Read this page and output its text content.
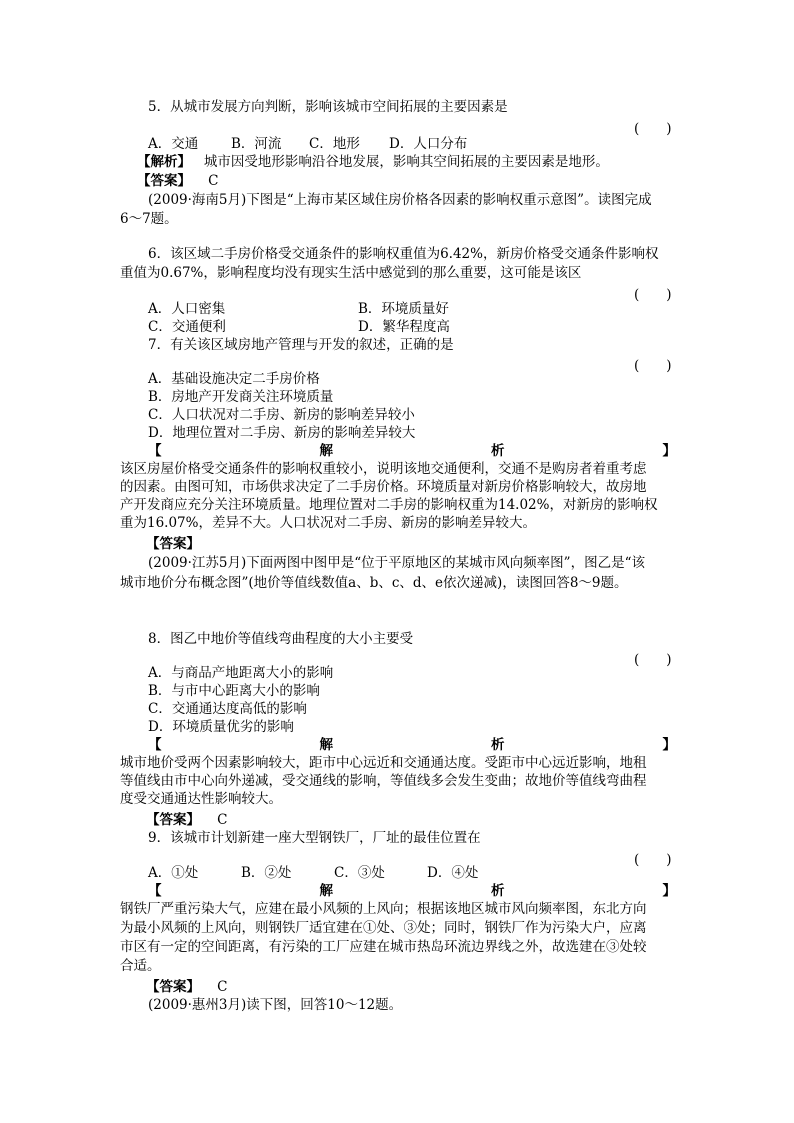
5．从城市发展方向判断，影响该城市空间拓展的主要因素是
(　　)
A．交通 B．河流 C．地形 D．人口分布
【解析】 城市因受地形影响沿谷地发展，影响其空间拓展的主要因素是地形。
【答案】 C
(2009·海南5月)下图是“上海市某区域住房价格各因素的影响权重示意图”。读图完成
6～7题。
6．该区域二手房价格受交通条件的影响权重值为6.42%，新房价格受交通条件影响权
重值为0.67%，影响程度均没有现实生活中感觉到的那么重要，这可能是该区
(　　)
A．人口密集	B．环境质量好
C．交通便利	D．繁华程度高
7．有关该区域房地产管理与开发的叙述，正确的是
(　　)
A．基础设施决定二手房价格
B．房地产开发商关注环境质量
C．人口状况对二手房、新房的影响差异较小
D．地理位置对二手房、新房的影响差异较大
【	解	析	】
该区房屋价格受交通条件的影响权重较小，说明该地交通便利，交通不是购房者着重考虑
的因素。由图可知，市场供求决定了二手房价格。环境质量对新房价格影响较大，故房地
产开发商应充分关注环境质量。地理位置对二手房的影响权重为14.02%，对新房的影响权
重为16.07%，差异不大。人口状况对二手房、新房的影响差异较大。
【答案】
(2009·江苏5月)下面两图中图甲是“位于平原地区的某城市风向频率图”，图乙是“该
城市地价分布概念图”(地价等值线数值a、b、c、d、e依次递减)，读图回答8～9题。
8．图乙中地价等值线弯曲程度的大小主要受
(　　)
A．与商品产地距离大小的影响
B．与市中心距离大小的影响
C．交通通达度高低的影响
D．环境质量优劣的影响
【	解	析	】
城市地价受两个因素影响较大，距市中心远近和交通通达度。受距市中心远近影响，地租
等值线由市中心向外递减，受交通线的影响，等值线多会发生变曲；故地价等值线弯曲程
度受交通通达性影响较大。
【答案】 C
9．该城市计划新建一座大型钢铁厂，厂址的最佳位置在
(　　)
A．①处	B．②处	C．③处	D．④处
【	解	析	】
钢铁厂严重污染大气，应建在最小风频的上风向；根据该地区城市风向频率图，东北方向
为最小风频的上风向，则钢铁厂适宜建在①处、③处；同时，钢铁厂作为污染大户，应离
市区有一定的空间距离，有污染的工厂应建在城市热岛环流边界线之外，故选建在③处较
合适。
【答案】 C
(2009·惠州3月)读下图，回答10～12题。
